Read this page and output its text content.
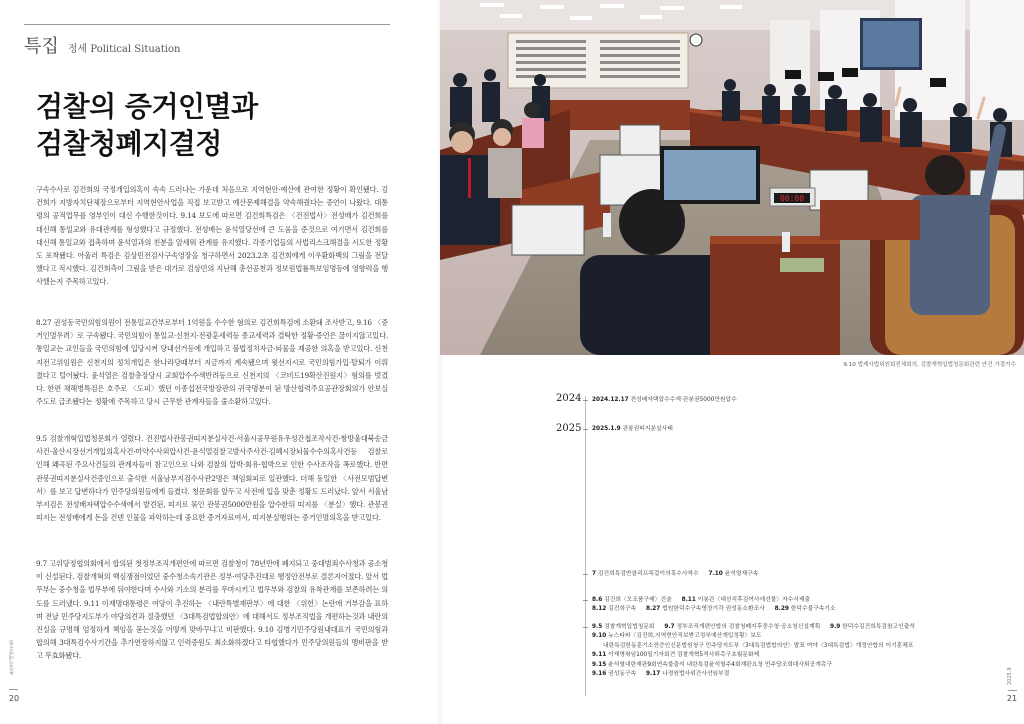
특집 정세 Political Situation
검찰의 증거인멸과
검찰청폐지결정
구속수사로 김건희의 국정개입의혹이 속속 드러나는 가운데 처음으로 지역현안·예산에 관여한 정황이 확인됐다. 김건희가 지방자치단체장으로부터 지역현안사업을 직접 보고받고 예산문제해결을 약속해줬다는 증언이 나왔다. 대통령의 공적업무를 영부인이 대신 수행한것이다. 9.14 보도에 따르면 김건희특검은 〈건진법사〉전성배가 김건희를 대신해 통일교와 유대관계를 형성했다고 규정했다. 전성배는 윤석열당선에 큰 도움을 준것으로 여기면서 김건희를 대신해 통일교와 접촉하며 윤석열과의 친분을 앞세워 관계를 유지했다. 각종기업들의 사법리스크해결을 시도한 정황도 포착됐다. 아울러 특검은 김상민전검사구속영장을 청구하면서 2023.2초 김건희에게 이우환화백의 그림을 전달했다고 적시했다. 김건희측이 그림을 받은 대가로 김상민의 지난해 총선공천과 정보원법률특보임명등에 영향력을 행사했는지 주목하고있다.
8.27 권성동국민의힘의원이 전통일교간부로부터 1억원을 수수한 혐의로 김건희특검에 소환돼 조사받고, 9.16 〈증거인멸우려〉로 구속됐다. 국민의힘이 통일교·신천지·전광훈세력등 종교세력과 결탁한 정황·증언은 끊이지않고있다. 통일교는 교인들을 국민의힘에 입당시켜 당내선거등에 개입하고 불법정치자금·뇌물을 제공한 의혹을 받고있다. 신천지전고위임원은 신천지의 정치개입은 한나라당때부터 지금까지 계속됐으며 윗선지시로 국민의힘가입·탈퇴가 이뤄졌다고 털어놨다. 윤석열은 검찰총장당시 교회압수수색반려등으로 신천지의 〈코비드19확산진원지〉혐의를 벗겼다. 한편 채해병특검은 호주로 〈도피〉했던 이종섭전국방장관의 귀국명분이 된 방산협력주요공관장회의가 안보실주도로 급조됐다는 정황에 주목하고 당시 근무한 관계자들을 줄소환하고있다.
9.5 검찰개혁입법청문회가 열렸다. 건진법사관봉권띠지분실사건·서울시공무원유우성간첩조작사건·쌍방울대북송금사건·울산시장선거개입의혹사건·마약수사외압사건·윤석열검찰고발사주사건·김혜시장뇌물수수의혹사건등 검찰로 인해 왜곡된 주요사건들의 관계자들이 참고인으로 나와 검찰의 압박·회유·협박으로 인한 수사조작을 폭로했다. 반면 관봉권띠지분실사건증인으로 출석한 서울남부지검수사관2명은 책임회피로 일관했다. 더해 동일한 〈사전모범답변서〉를 보고 답변하다가 민주당의원들에게 들켰다. 청문회를 앞두고 사전에 입을 맞춘 정황도 드러났다. 앞서 서울남부지검은 전성배자택압수수색에서 발견된, 띠지로 묶인 관봉권5000만원을 압수한뒤 띠지를 〈분실〉했다. 관봉권띠지는 전성배에게 돈을 건넨 인물을 파악하는데 중요한 증거자료여서, 띠지분실행위는 증거인멸의혹을 받고있다.
9.7 고위당정협의회에서 합의된 첫정부조직개편안에 따르면 검찰청이 78년만에 폐지되고 중대범죄수사청과 공소청이 신설된다. 검찰개혁의 핵심쟁점이었던 중수청소속기관은 정부·여당추진대로 행정안전부로 결론지어졌다. 앞서 법무부는 중수청을 법무부에 둬야한다며 수사와 기소의 분리를 무마시키고 법무부와 검찰의 유착관계를 보존하려는 의도를 드러냈다. 9.11 이재명대통령은 여당이 추진하는 〈내란특별재판부〉에 대한 〈위헌〉논란에 거부감을 표하며 전날 민주당지도부가 야당의견과 절충했던 〈3대특검법합의안〉에 대해서도 정부조직법을 개편하는것과 내란의 진실을 규명해 엄정하게 책임을 묻는것을 어떻게 맞바꾸냐고 비판했다. 9.10 김병기민주당원내대표가 국민의힘과 합의해 3대특검수사기간을 추가연장하지않고 인력증원도 최소화하겠다고 타협했다가 민주당의원들의 맹비판을 받고 무효화됐다.
통일시대연구원
20
00:00
9.10 법제사법위원회전체회의, 검찰개혁입법청문회관련 안건 가결거수
2024
2025
2024.12.17 전성배자택압수수색·관봉권5000만원압수
2025.1.9 관봉권띠지분실사태
7 김건희특검반클리프목걸이의혹수사착수 7.10 윤석열재구속
8.6 김건희〈모조품구매〉진술 8.11 이봉관〈대선직후김여사에선물〉자수서제출
8.12 김건희구속 8.27 법원한덕수구속영장기각 권성동소환조사 8.29 한덕수불구속기소
9.5 검찰개혁입법청문회 9.7 정부조직개편안합의 검찰청폐지후중수청·공소청신설계획 9.9 한덕수김건희특검참고인출석
9.10 뉴스타파〈김건희,지역현안직보받고정부예산개입정황〉보도
내란특검한동훈기소전증인신문법원청구 민주당지도부〈3대특검법합의안〉발표 여야〈3대특검법〉개정안합의 이기훈체포
9.11 이재명취임100일기자회견 검찰개혁5적사퇴촉구초월문화제
9.15 윤석열내란재판9회연속불출석 내란특검윤석열주4회재판요청 민주당조희대사퇴공개촉구
9.16 권성동구속 9.17 나경원법사위간사선임부결	2025.9
21
